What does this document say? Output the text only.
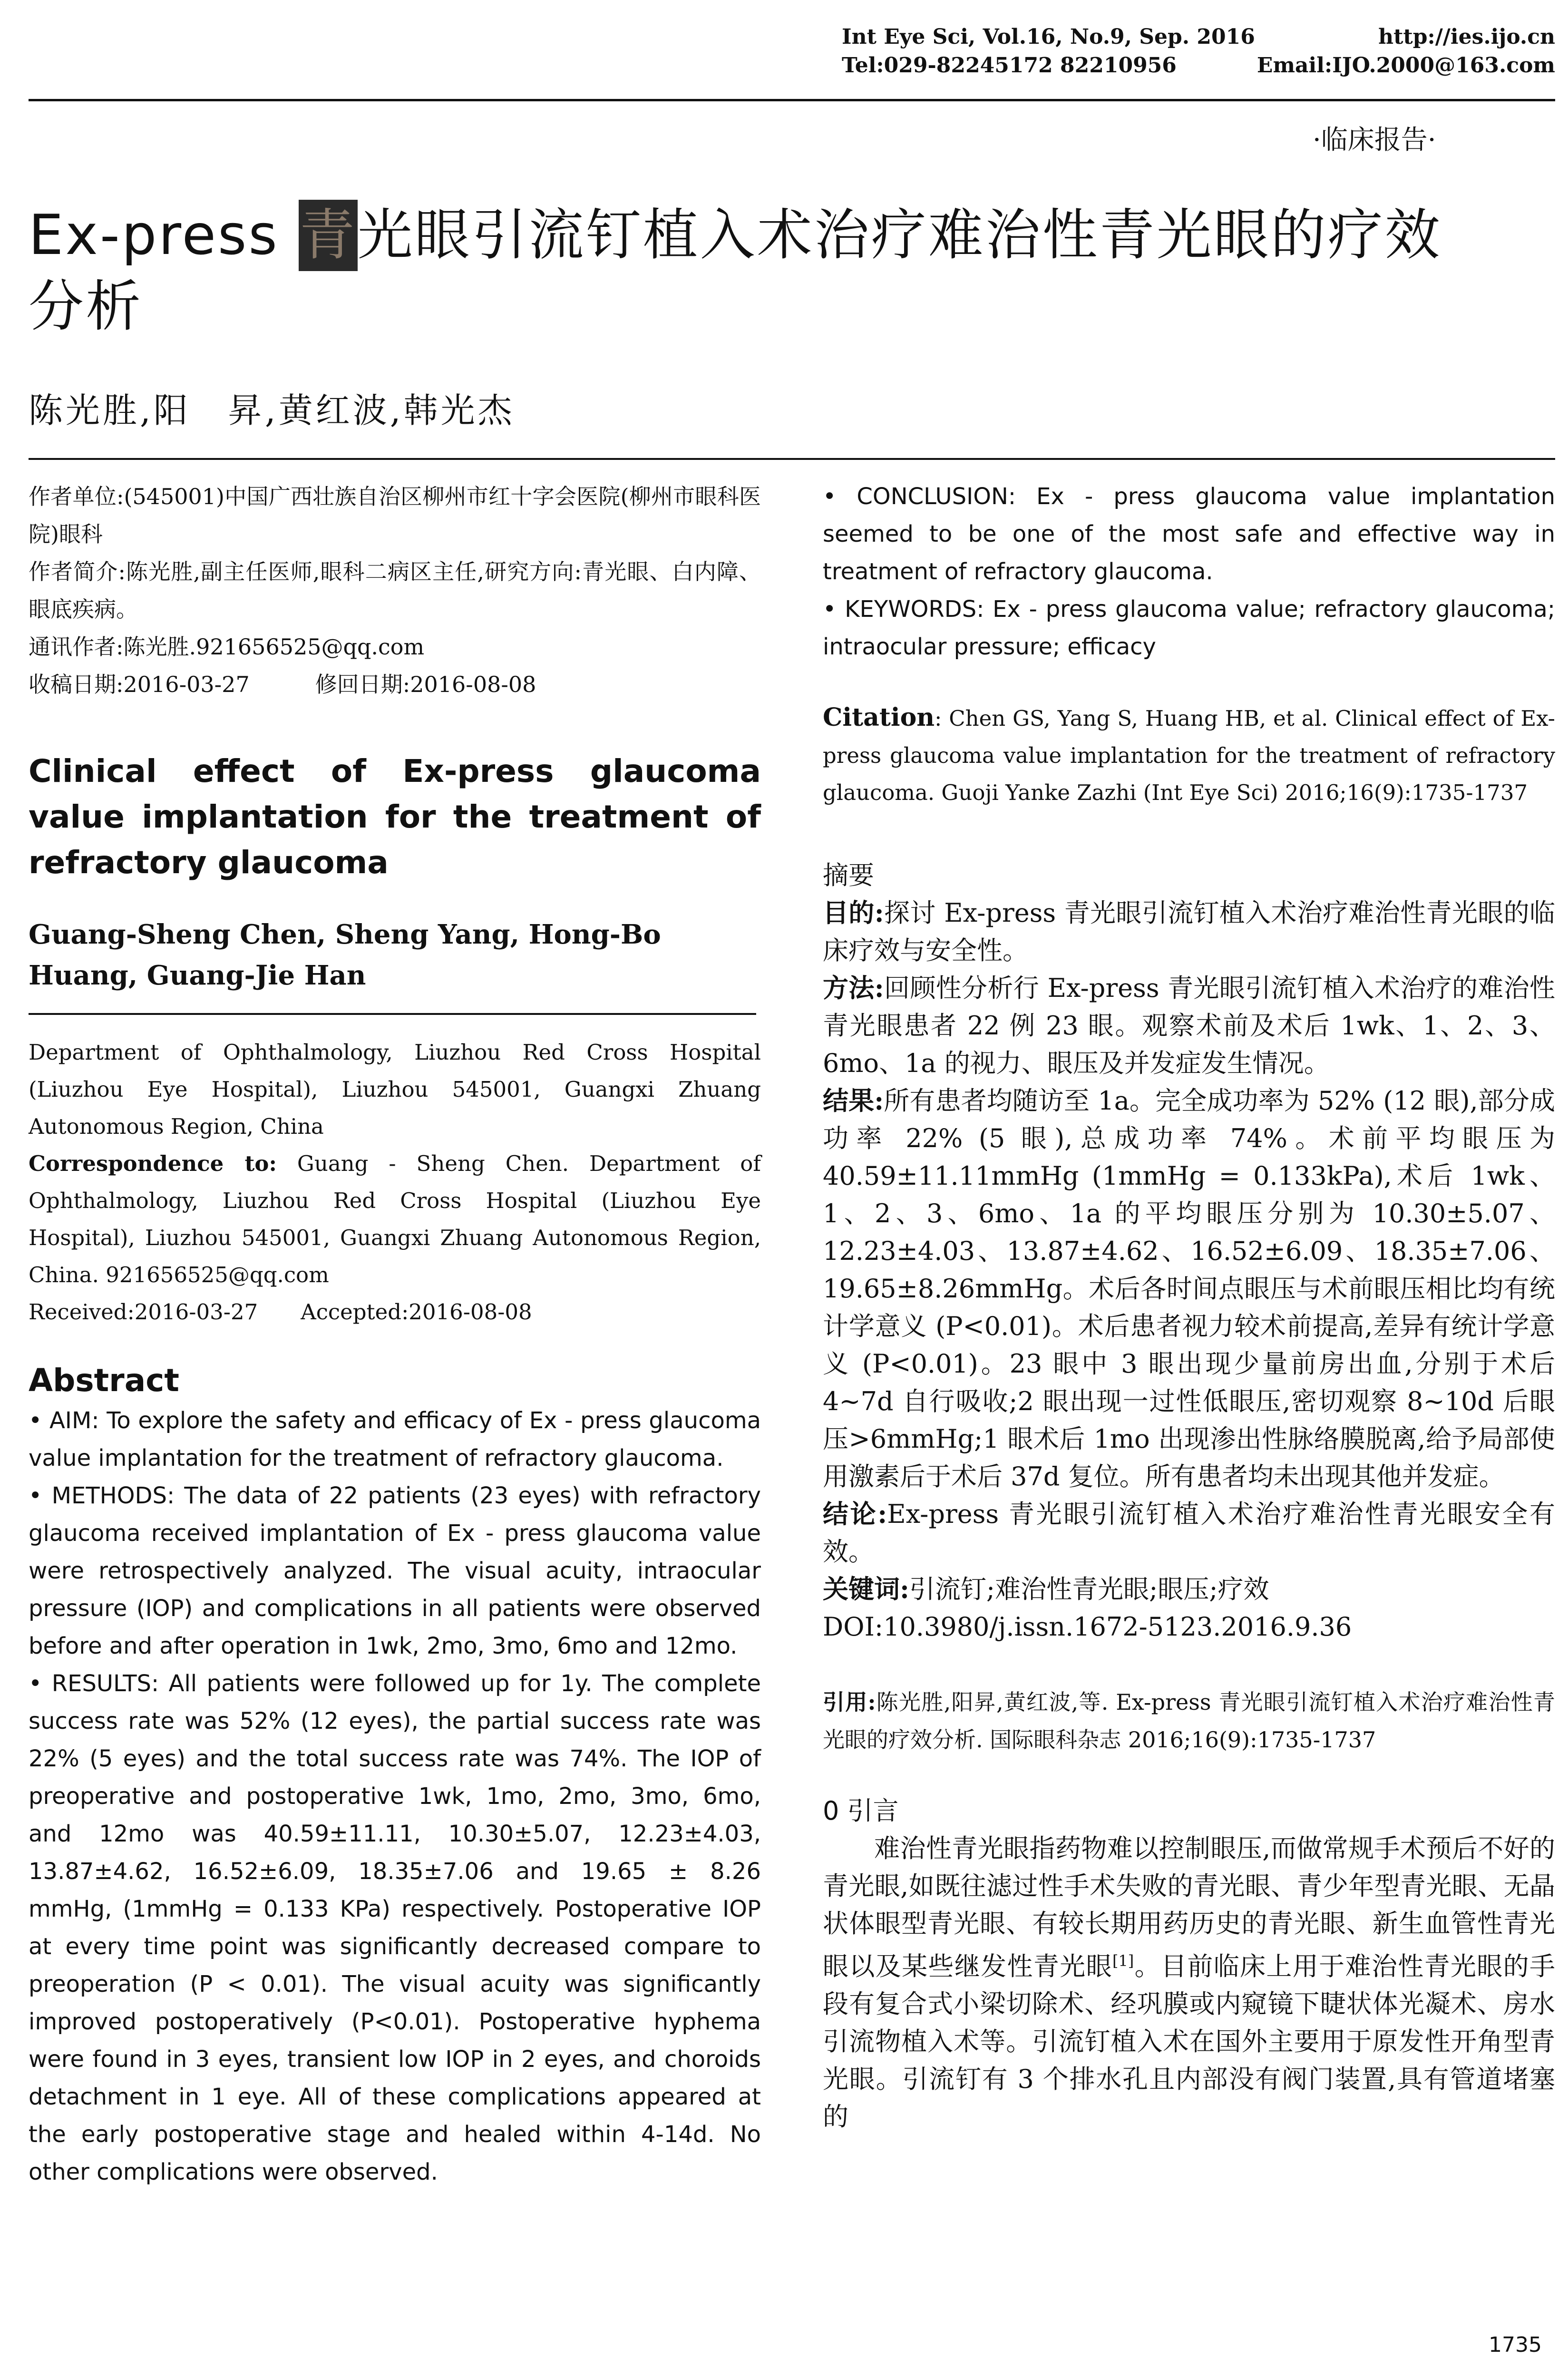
Int Eye Sci, Vol.16, No.9, Sep. 2016	http://ies.ijo.cn
Tel:029-82245172 82210956	Email:IJO.2000@163.com
·临床报告·
Ex-press 青光眼引流钉植入术治疗难治性青光眼的疗效
分析
陈光胜,阳　昇,黄红波,韩光杰
作者单位:(545001)中国广西壮族自治区柳州市红十字会医院(柳州市眼科医院)眼科
作者简介:陈光胜,副主任医师,眼科二病区主任,研究方向:青光眼、白内障、眼底疾病。
通讯作者:陈光胜.921656525@qq.com
收稿日期:2016-03-27　　　修回日期:2016-08-08
Clinical effect of Ex-press glaucoma value implantation for the treatment of refractory glaucoma
Guang-Sheng Chen, Sheng Yang, Hong-Bo Huang, Guang-Jie Han
Department of Ophthalmology, Liuzhou Red Cross Hospital (Liuzhou Eye Hospital), Liuzhou 545001, Guangxi Zhuang Autonomous Region, China
Correspondence to: Guang - Sheng Chen. Department of Ophthalmology, Liuzhou Red Cross Hospital (Liuzhou Eye Hospital), Liuzhou 545001, Guangxi Zhuang Autonomous Region, China. 921656525@qq.com
Received:2016-03-27　　Accepted:2016-08-08
Abstract

• AIM: To explore the safety and efficacy of Ex - press glaucoma value implantation for the treatment of refractory glaucoma.

• METHODS: The data of 22 patients (23 eyes) with refractory glaucoma received implantation of Ex - press glaucoma value were retrospectively analyzed. The visual acuity, intraocular pressure (IOP) and complications in all patients were observed before and after operation in 1wk, 2mo, 3mo, 6mo and 12mo.

• RESULTS: All patients were followed up for 1y. The complete success rate was 52% (12 eyes), the partial success rate was 22% (5 eyes) and the total success rate was 74%. The IOP of preoperative and postoperative 1wk, 1mo, 2mo, 3mo, 6mo, and 12mo was 40.59±11.11, 10.30±5.07, 12.23±4.03, 13.87±4.62, 16.52±6.09, 18.35±7.06 and 19.65 ± 8.26 mmHg, (1mmHg = 0.133 KPa) respectively. Postoperative IOP at every time point was significantly decreased compare to preoperation (P < 0.01). The visual acuity was significantly improved postoperatively (P<0.01). Postoperative hyphema were found in 3 eyes, transient low IOP in 2 eyes, and choroids detachment in 1 eye. All of these complications appeared at the early postoperative stage and healed within 4-14d. No other complications were observed.

• CONCLUSION: Ex - press glaucoma value implantation seemed to be one of the most safe and effective way in treatment of refractory glaucoma.

• KEYWORDS: Ex - press glaucoma value; refractory glaucoma; intraocular pressure; efficacy

Citation: Chen GS, Yang S, Huang HB, et al. Clinical effect of Ex-press glaucoma value implantation for the treatment of refractory glaucoma. Guoji Yanke Zazhi (Int Eye Sci) 2016;16(9):1735-1737
摘要
目的:探讨 Ex-press 青光眼引流钉植入术治疗难治性青光眼的临床疗效与安全性。
方法:回顾性分析行 Ex-press 青光眼引流钉植入术治疗的难治性青光眼患者 22 例 23 眼。观察术前及术后 1wk、1、2、3、6mo、1a 的视力、眼压及并发症发生情况。
结果:所有患者均随访至 1a。完全成功率为 52% (12 眼),部分成功率 22% (5 眼),总成功率 74%。术前平均眼压为 40.59±11.11mmHg (1mmHg = 0.133kPa),术后 1wk、1、2、3、6mo、1a 的平均眼压分别为 10.30±5.07、12.23±4.03、13.87±4.62、16.52±6.09、18.35±7.06、19.65±8.26mmHg。术后各时间点眼压与术前眼压相比均有统计学意义 (P<0.01)。术后患者视力较术前提高,差异有统计学意义 (P<0.01)。23 眼中 3 眼出现少量前房出血,分别于术后 4~7d 自行吸收;2 眼出现一过性低眼压,密切观察 8~10d 后眼压>6mmHg;1 眼术后 1mo 出现渗出性脉络膜脱离,给予局部使用激素后于术后 37d 复位。所有患者均未出现其他并发症。
结论:Ex-press 青光眼引流钉植入术治疗难治性青光眼安全有效。
关键词:引流钉;难治性青光眼;眼压;疗效
DOI:10.3980/j.issn.1672-5123.2016.9.36
引用:陈光胜,阳昇,黄红波,等. Ex-press 青光眼引流钉植入术治疗难治性青光眼的疗效分析. 国际眼科杂志 2016;16(9):1735-1737
0 引言
难治性青光眼指药物难以控制眼压,而做常规手术预后不好的青光眼,如既往滤过性手术失败的青光眼、青少年型青光眼、无晶状体眼型青光眼、有较长期用药历史的青光眼、新生血管性青光眼以及某些继发性青光眼[1]。目前临床上用于难治性青光眼的手段有复合式小梁切除术、经巩膜或内窥镜下睫状体光凝术、房水引流物植入术等。引流钉植入术在国外主要用于原发性开角型青光眼。引流钉有 3 个排水孔且内部没有阀门装置,具有管道堵塞的
1735
